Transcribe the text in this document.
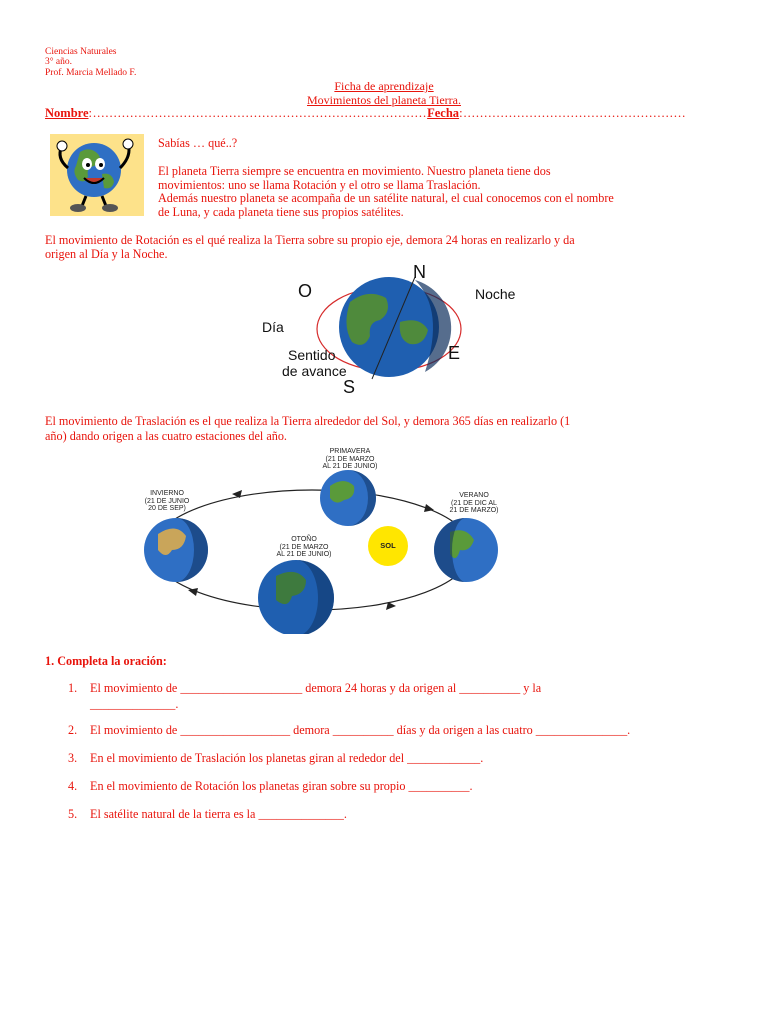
Ciencias Naturales
3° año.
Prof. Marcia Mellado F.
Ficha de aprendizaje
Movimientos del planeta Tierra.
Nombre:.................................................................................Fecha:......................................................
Sabías … qué..?
El planeta Tierra siempre se encuentra en movimiento. Nuestro planeta tiene dos
movimientos: uno se llama Rotación y el otro se llama Traslación.
Además nuestro planeta se acompaña de un satélite natural, el cual conocemos con el nombre
de Luna, y cada planeta tiene sus propios satélites.
El movimiento de Rotación es el qué realiza la Tierra sobre su propio eje, demora 24 horas en realizarlo y da
origen al Día y la Noche.
N
O
E
S
Día
Noche
Sentido
de avance
El movimiento de Traslación es el que realiza la Tierra alrededor del Sol, y demora 365 días en realizarlo (1
año) dando origen a las cuatro estaciones del año.
PRIMAVERA
(21 DE MARZO
AL 21 DE JUNIO)
INVIERNO
(21 DE JUNIO
20 DE SEP)
VERANO
(21 DE DIC AL
21 DE MARZO)
OTOÑO
(21 DE MARZO
AL 21 DE JUNIO)
SOL
1. Completa la oración:
1. El movimiento de ____________________ demora 24 horas y da origen al __________ y la
______________.
2. El movimiento de __________________ demora __________ días y da origen a las cuatro _______________.
3. En el movimiento de Traslación los planetas giran al rededor del ____________.
4. En el movimiento de Rotación los planetas giran sobre su propio __________.
5. El satélite natural de la tierra es la ______________.
